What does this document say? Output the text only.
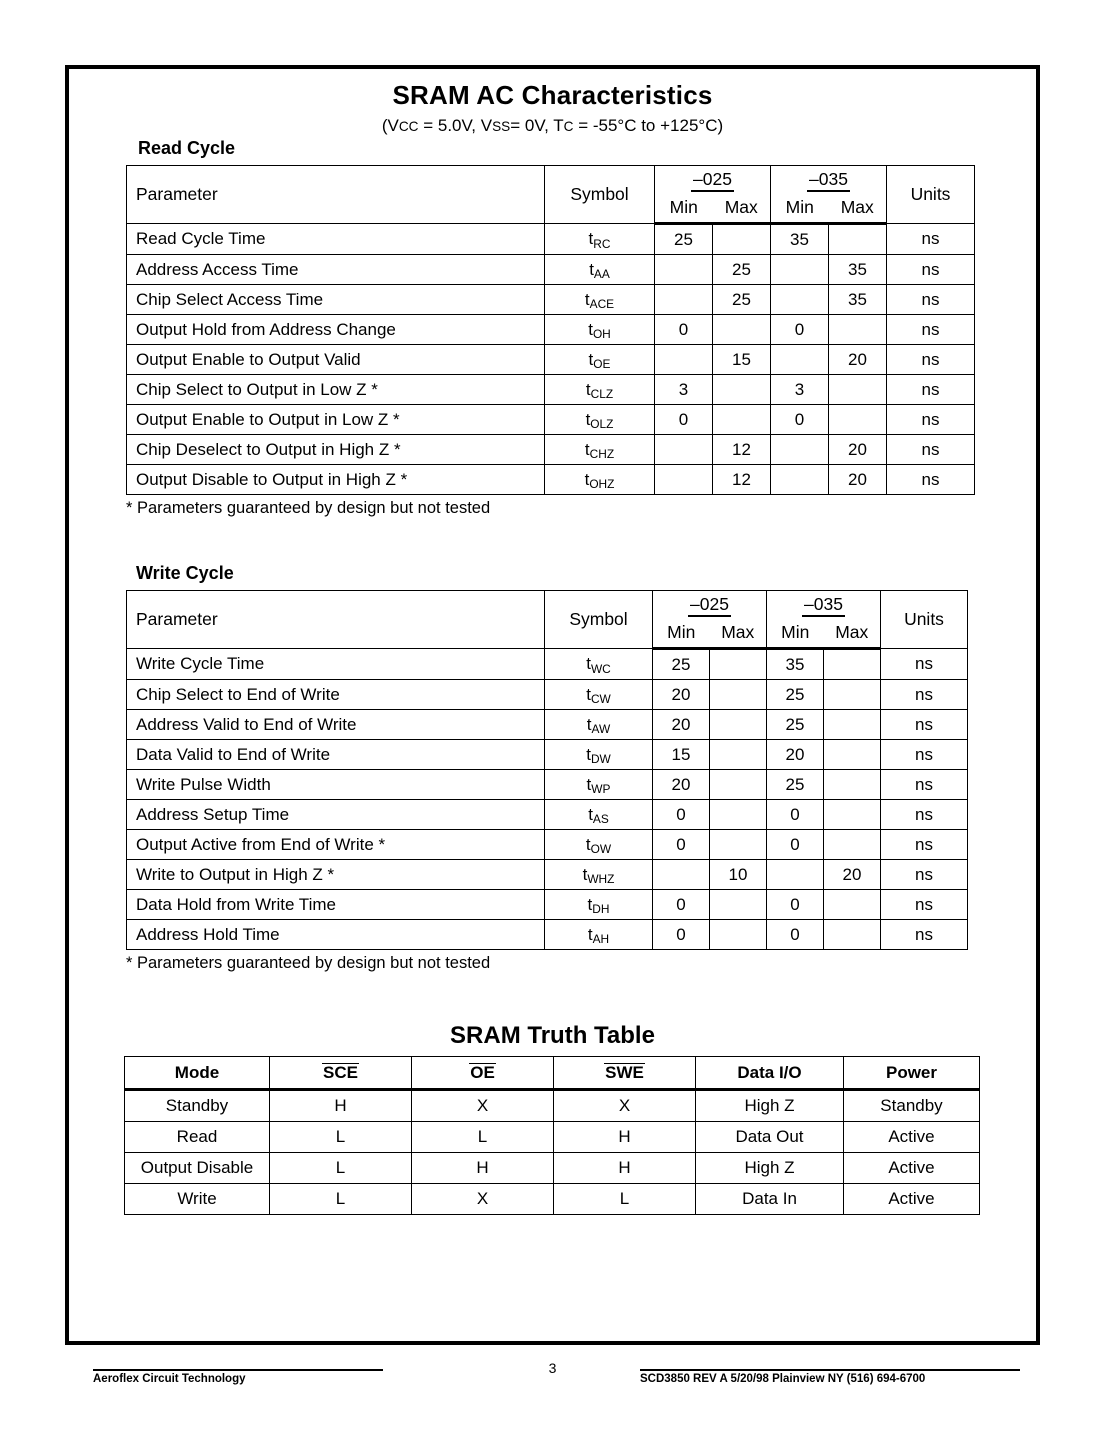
SRAM AC Characteristics
(VCC = 5.0V, VSS= 0V, TC = -55°C to +125°C)
Read Cycle
Parameter	Symbol	–025		–035		Units
		Min	Max	Min	Max	
Read Cycle Time	$t_{RC}$	25		35		ns
Address Access Time	$t_{AA}$		25		35	ns
Chip Select Access Time	$t_{ACE}$		25		35	ns
Output Hold from Address Change	$t_{OH}$	0		0		ns
Output Enable to Output Valid	$t_{OE}$		15		20	ns
Chip Select to Output in Low Z *	$t_{CLZ}$	3		3		ns
Output Enable to Output in Low Z *	$t_{OLZ}$	0		0		ns
Chip Deselect to Output in High Z *	$t_{CHZ}$		12		20	ns
Output Disable to Output in High Z *	$t_{OHZ}$		12		20	ns
* Parameters guaranteed by design but not tested
Write Cycle
Parameter	Symbol	–025		–035		Units
		Min	Max	Min	Max	
Write Cycle Time	$t_{WC}$	25		35		ns
Chip Select to End of Write	$t_{CW}$	20		25		ns
Address Valid to End of Write	$t_{AW}$	20		25		ns
Data Valid to End of Write	$t_{DW}$	15		20		ns
Write Pulse Width	$t_{WP}$	20		25		ns
Address Setup Time	$t_{AS}$	0		0		ns
Output Active from End of Write *	$t_{OW}$	0		0		ns
Write to Output in High Z *	$t_{WHZ}$		10		20	ns
Data Hold from Write Time	$t_{DH}$	0		0		ns
Address Hold Time	$t_{AH}$	0		0		ns
* Parameters guaranteed by design but not tested
SRAM Truth Table
Mode	SCE	OE	SWE	Data I/O	Power
Standby	H	X	X	High Z	Standby
Read	L	L	H	Data Out	Active
Output Disable	L	H	H	High Z	Active
Write	L	X	L	Data In	Active
Aeroflex Circuit Technology
3
SCD3850 REV A 5/20/98 Plainview NY (516) 694-6700
